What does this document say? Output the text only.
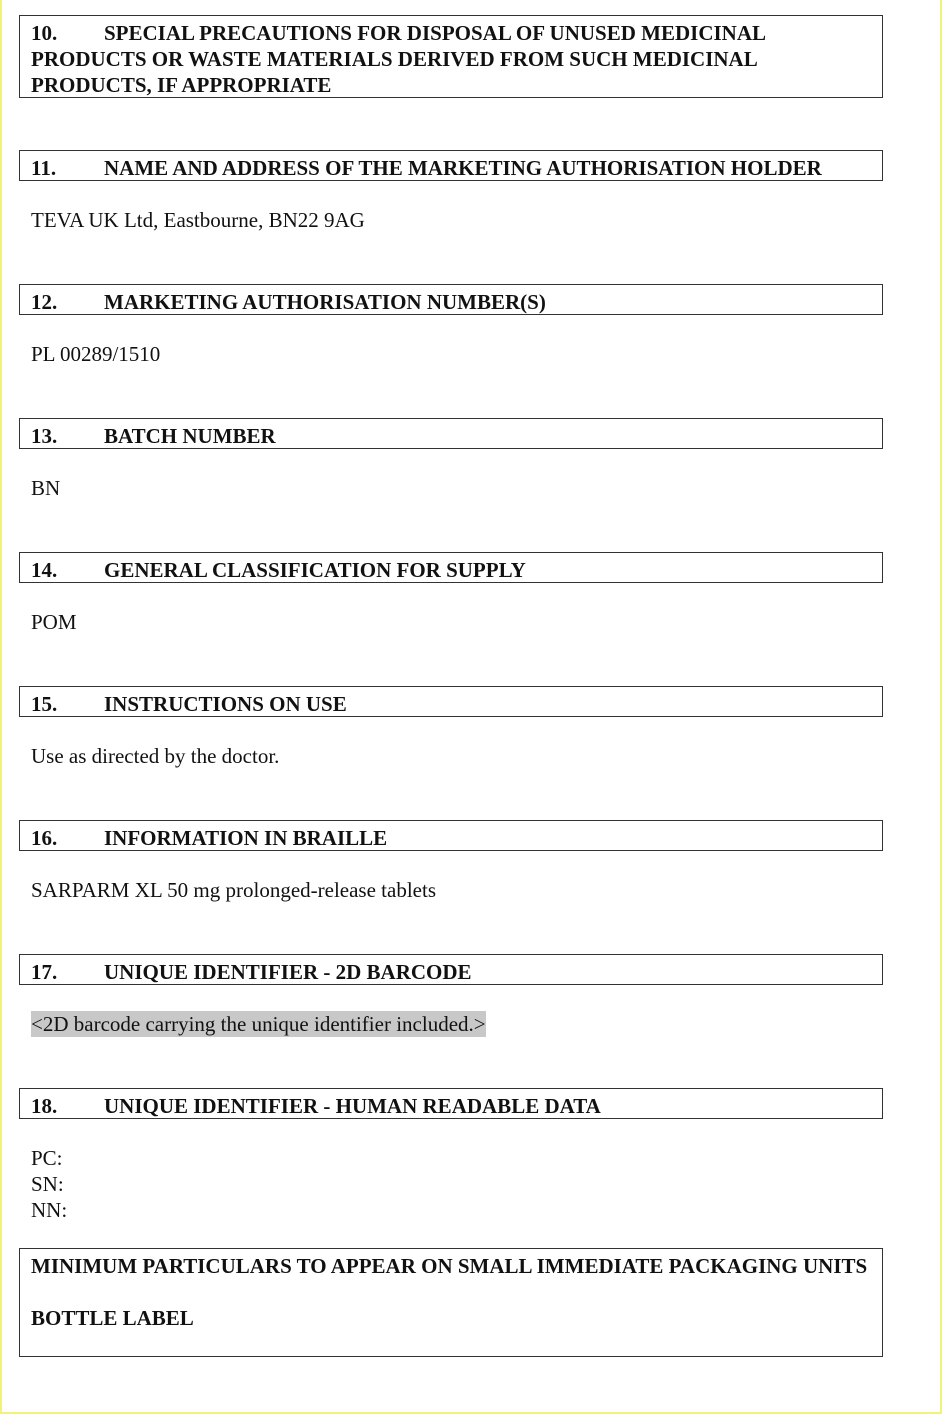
10. SPECIAL PRECAUTIONS FOR DISPOSAL OF UNUSED MEDICINAL
PRODUCTS OR WASTE MATERIALS DERIVED FROM SUCH MEDICINAL PRODUCTS, IF APPROPRIATE
11. NAME AND ADDRESS OF THE MARKETING AUTHORISATION HOLDER
TEVA UK Ltd, Eastbourne, BN22 9AG
12. MARKETING AUTHORISATION NUMBER(S)
PL 00289/1510
13. BATCH NUMBER
BN
14. GENERAL CLASSIFICATION FOR SUPPLY
POM
15. INSTRUCTIONS ON USE
Use as directed by the doctor.
16. INFORMATION IN BRAILLE
SARPARM XL 50 mg prolonged-release tablets
17. UNIQUE IDENTIFIER - 2D BARCODE
<2D barcode carrying the unique identifier included.>
18. UNIQUE IDENTIFIER - HUMAN READABLE DATA
PC:
SN:
NN:
MINIMUM PARTICULARS TO APPEAR ON SMALL IMMEDIATE PACKAGING UNITS
BOTTLE LABEL
